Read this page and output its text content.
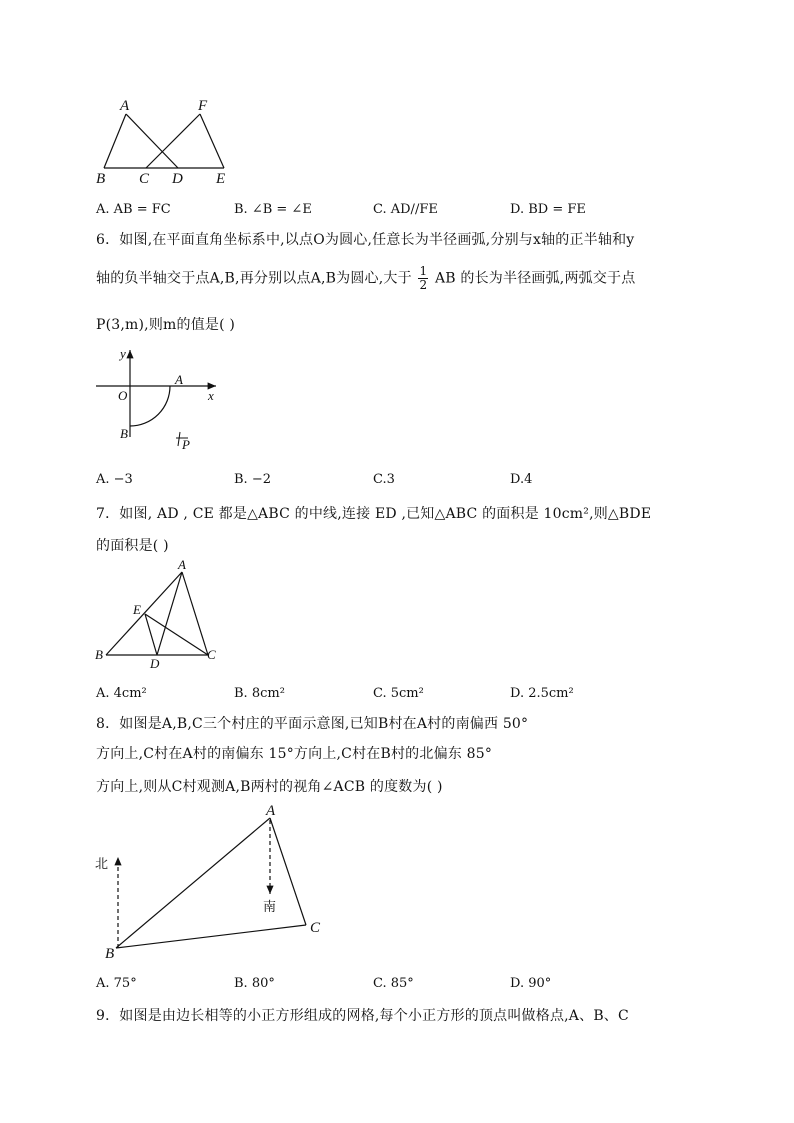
A	F
B C D E
A. AB = FC	B. ∠B = ∠E	C. AD//FE	D. BD = FE
6．如图,在平面直角坐标系中,以点O为圆心,任意长为半径画弧,分别与x轴的正半轴和y
轴的负半轴交于点A,B,再分别以点A,B为圆心,大于 $\frac{1}{2}$ AB 的长为半径画弧,两弧交于点
P(3,m),则m的值是( )
y
x
O
A
B
P
A. −3	B. −2	C.3	D.4
7．如图, AD , CE 都是△ABC 的中线,连接 ED ,已知△ABC 的面积是 10cm²,则△BDE
的面积是( )
A
E
B
D
C
A. 4cm²	B. 8cm²	C. 5cm²	D. 2.5cm²
8．如图是A,B,C三个村庄的平面示意图,已知B村在A村的南偏西 50°
方向上,C村在A村的南偏东 15°方向上,C村在B村的北偏东 85°
方向上,则从C村观测A,B两村的视角∠ACB 的度数为( )
A
B
C
北
南
A. 75°	B. 80°	C. 85°	D. 90°
9．如图是由边长相等的小正方形组成的网格,每个小正方形的顶点叫做格点,A、B、C
